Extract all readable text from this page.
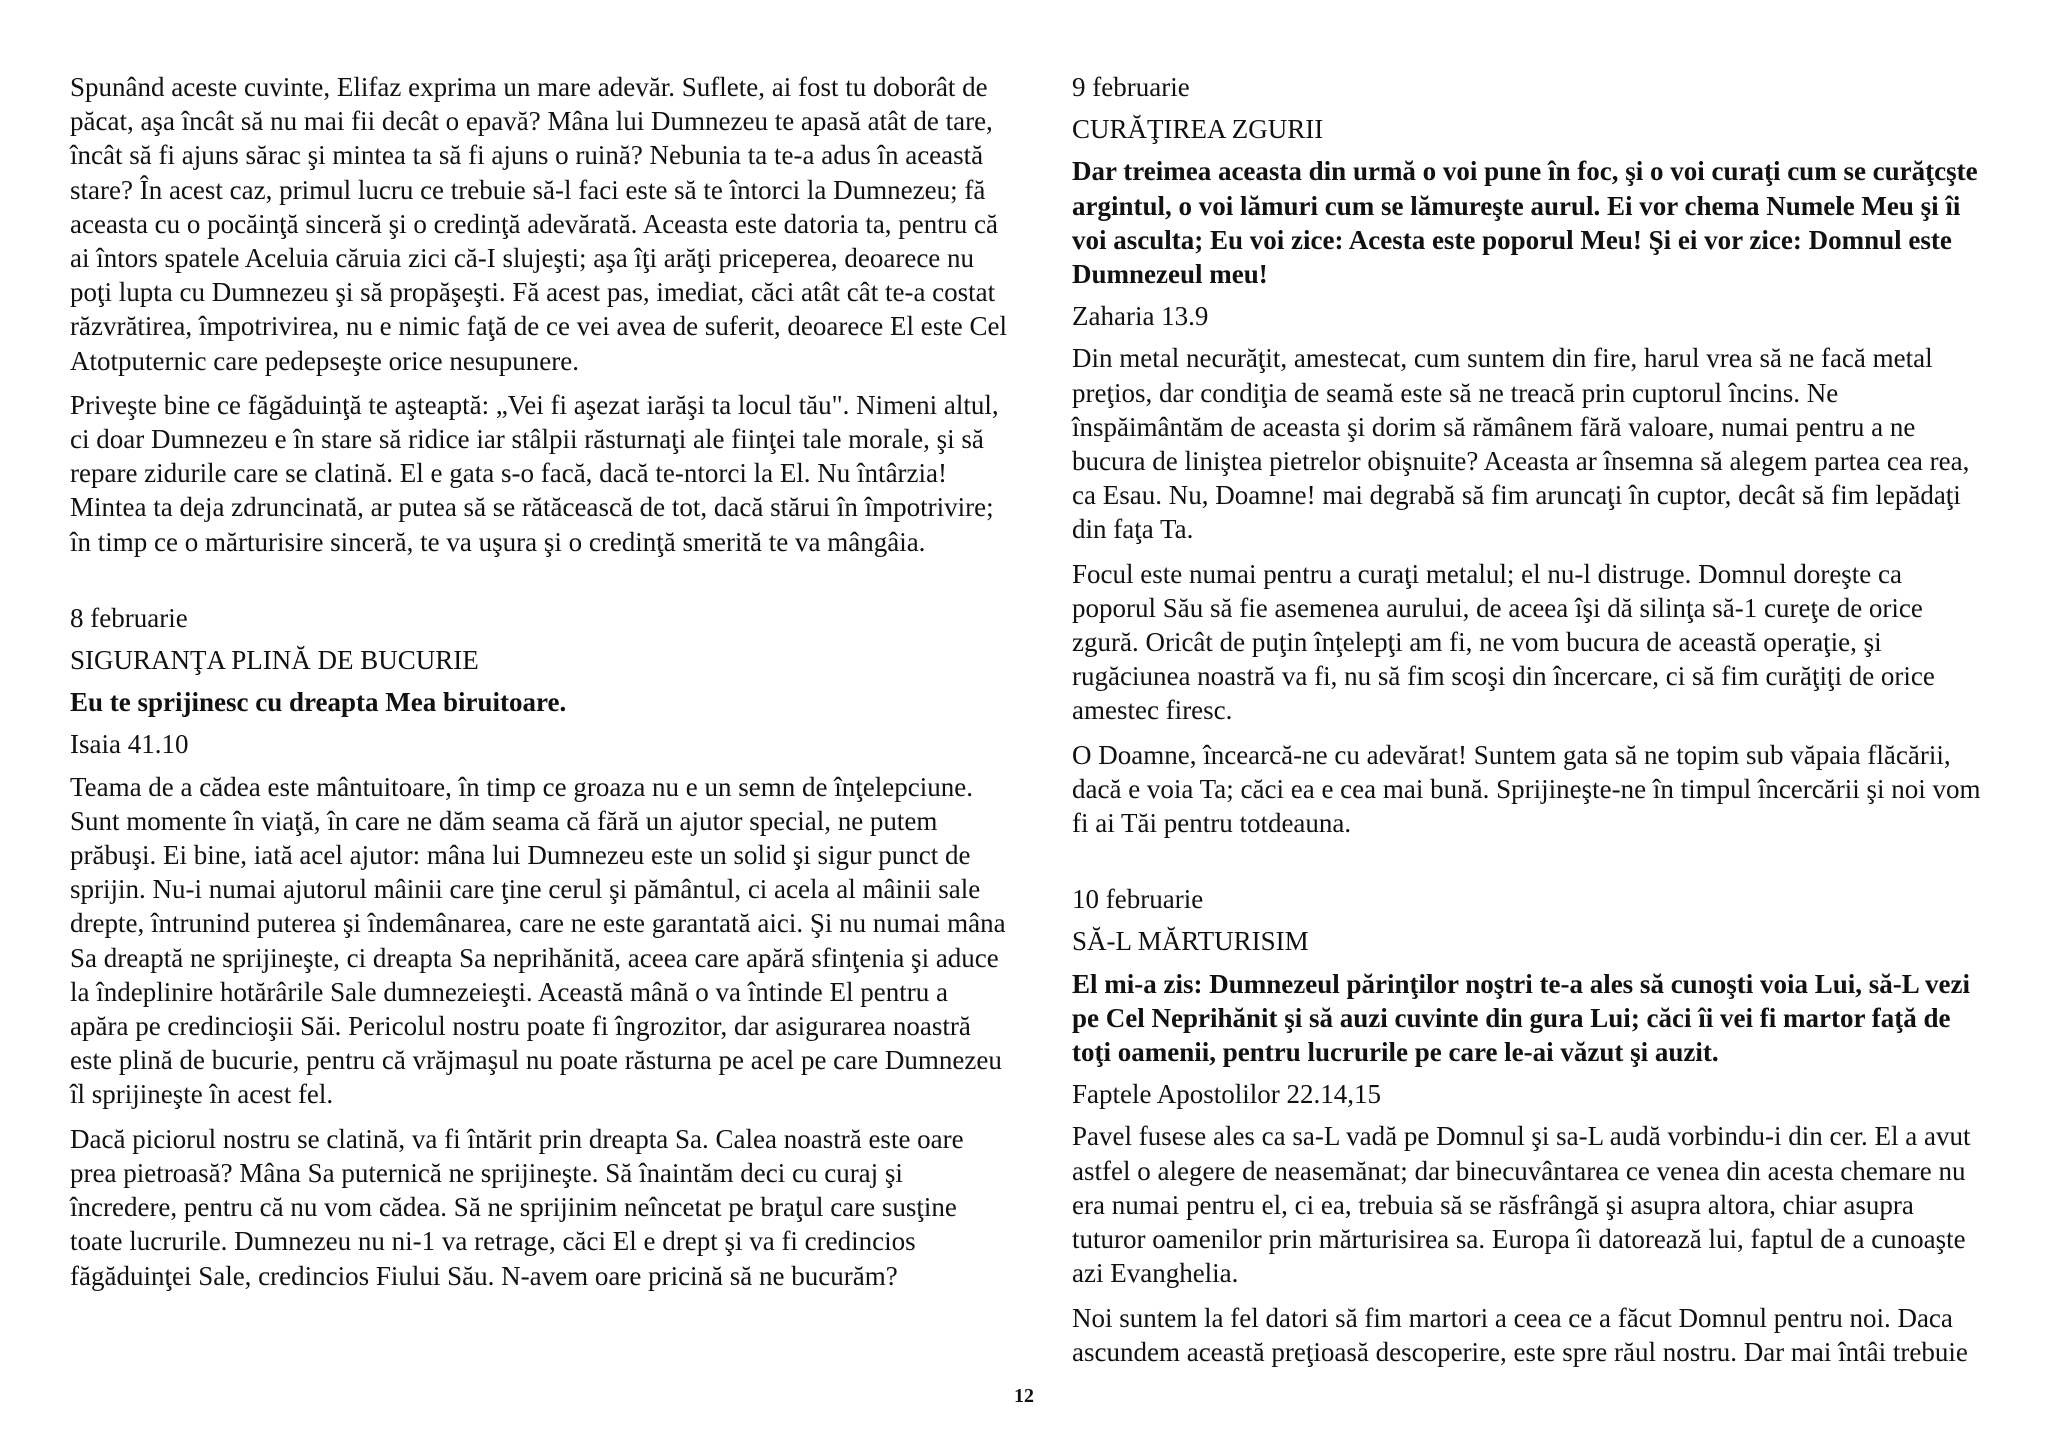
Spunând aceste cuvinte, Elifaz exprima un mare adevăr. Suflete, ai fost tu doborât de păcat, aşa încât să nu mai fii decât o epavă? Mâna lui Dumnezeu te apasă atât de tare, încât să fi ajuns sărac şi mintea ta să fi ajuns o ruină? Nebunia ta te-a adus în această stare? În acest caz, primul lucru ce trebuie să-l faci este să te întorci la Dumnezeu; fă aceasta cu o pocăinţă sinceră şi o credinţă adevărată. Aceasta este datoria ta, pentru că ai întors spatele Aceluia căruia zici că-I slujeşti; aşa îţi arăţi priceperea, deoarece nu poţi lupta cu Dumnezeu şi să propăşeşti. Fă acest pas, imediat, căci atât cât te-a costat răzvrătirea, împotrivirea, nu e nimic faţă de ce vei avea de suferit, deoarece El este Cel Atotputernic care pedepseşte orice nesupunere.

Priveşte bine ce făgăduinţă te aşteaptă: „Vei fi aşezat iarăşi ta locul tău". Nimeni altul, ci doar Dumnezeu e în stare să ridice iar stâlpii răsturnaţi ale fiinţei tale morale, şi să repare zidurile care se clatină. El e gata s-o facă, dacă te-ntorci la El. Nu întârzia! Mintea ta deja zdruncinată, ar putea să se rătăcească de tot, dacă stărui în împotrivire; în timp ce o mărturisire sinceră, te va uşura şi o credinţă smerită te va mângâia.

8 februarie
SIGURANŢA PLINĂ DE BUCURIE
Eu te sprijinesc cu dreapta Mea biruitoare.
Isaia 41.10

Teama de a cădea este mântuitoare, în timp ce groaza nu e un semn de înţelepciune. Sunt momente în viaţă, în care ne dăm seama că fără un ajutor special, ne putem prăbuşi. Ei bine, iată acel ajutor: mâna lui Dumnezeu este un solid şi sigur punct de sprijin. Nu-i numai ajutorul mâinii care ţine cerul şi pământul, ci acela al mâinii sale drepte, întrunind puterea şi îndemânarea, care ne este garantată aici. Şi nu numai mâna Sa dreaptă ne sprijineşte, ci dreapta Sa neprihănită, aceea care apără sfinţenia şi aduce la îndeplinire hotărârile Sale dumnezeieşti. Această mână o va întinde El pentru a apăra pe credincioşii Săi. Pericolul nostru poate fi îngrozitor, dar asigurarea noastră este plină de bucurie, pentru că vrăjmaşul nu poate răsturna pe acel pe care Dumnezeu îl sprijineşte în acest fel.

Dacă piciorul nostru se clatină, va fi întărit prin dreapta Sa. Calea noastră este oare prea pietroasă? Mâna Sa puternică ne sprijineşte. Să înaintăm deci cu curaj şi încredere, pentru că nu vom cădea. Să ne sprijinim neîncetat pe braţul care susţine toate lucrurile. Dumnezeu nu ni-1 va retrage, căci El e drept şi va fi credincios făgăduinţei Sale, credincios Fiului Său. N-avem oare pricină să ne bucurăm?

9 februarie
CURĂŢIREA ZGURII
Dar treimea aceasta din urmă o voi pune în foc, şi o voi curaţi cum se curăţcşte argintul, o voi lămuri cum se lămureşte aurul. Ei vor chema Numele Meu şi îi voi asculta; Eu voi zice: Acesta este poporul Meu! Şi ei vor zice: Domnul este Dumnezeul meu!
Zaharia 13.9

Din metal necurăţit, amestecat, cum suntem din fire, harul vrea să ne facă metal preţios, dar condiţia de seamă este să ne treacă prin cuptorul încins. Ne înspăimântăm de aceasta şi dorim să rămânem fără valoare, numai pentru a ne bucura de liniştea pietrelor obişnuite? Aceasta ar însemna să alegem partea cea rea, ca Esau. Nu, Doamne! mai degrabă să fim aruncaţi în cuptor, decât să fim lepădaţi din faţa Ta.

Focul este numai pentru a curaţi metalul; el nu-l distruge. Domnul doreşte ca poporul Său să fie asemenea aurului, de aceea îşi dă silinţa să-1 cureţe de orice zgură. Oricât de puţin înţelepţi am fi, ne vom bucura de această operaţie, şi rugăciunea noastră va fi, nu să fim scoşi din încercare, ci să fim curăţiţi de orice amestec firesc.

O Doamne, încearcă-ne cu adevărat! Suntem gata să ne topim sub văpaia flăcării, dacă e voia Ta; căci ea e cea mai bună. Sprijineşte-ne în timpul încercării şi noi vom fi ai Tăi pentru totdeauna.

10 februarie
SĂ-L MĂRTURISIM
El mi-a zis: Dumnezeul părinţilor noştri te-a ales să cunoşti voia Lui, să-L vezi pe Cel Neprihănit şi să auzi cuvinte din gura Lui; căci îi vei fi martor faţă de toţi oamenii, pentru lucrurile pe care le-ai văzut şi auzit.
Faptele Apostolilor 22.14,15

Pavel fusese ales ca sa-L vadă pe Domnul şi sa-L audă vorbindu-i din cer. El a avut astfel o alegere de neasemănat; dar binecuvântarea ce venea din acesta chemare nu era numai pentru el, ci ea, trebuia să se răsfrângă şi asupra altora, chiar asupra tuturor oamenilor prin mărturisirea sa. Europa îi datorează lui, faptul de a cunoaşte azi Evanghelia.

Noi suntem la fel datori să fim martori a ceea ce a făcut Domnul pentru noi. Daca ascundem această preţioasă descoperire, este spre răul nostru. Dar mai întâi trebuie

12
